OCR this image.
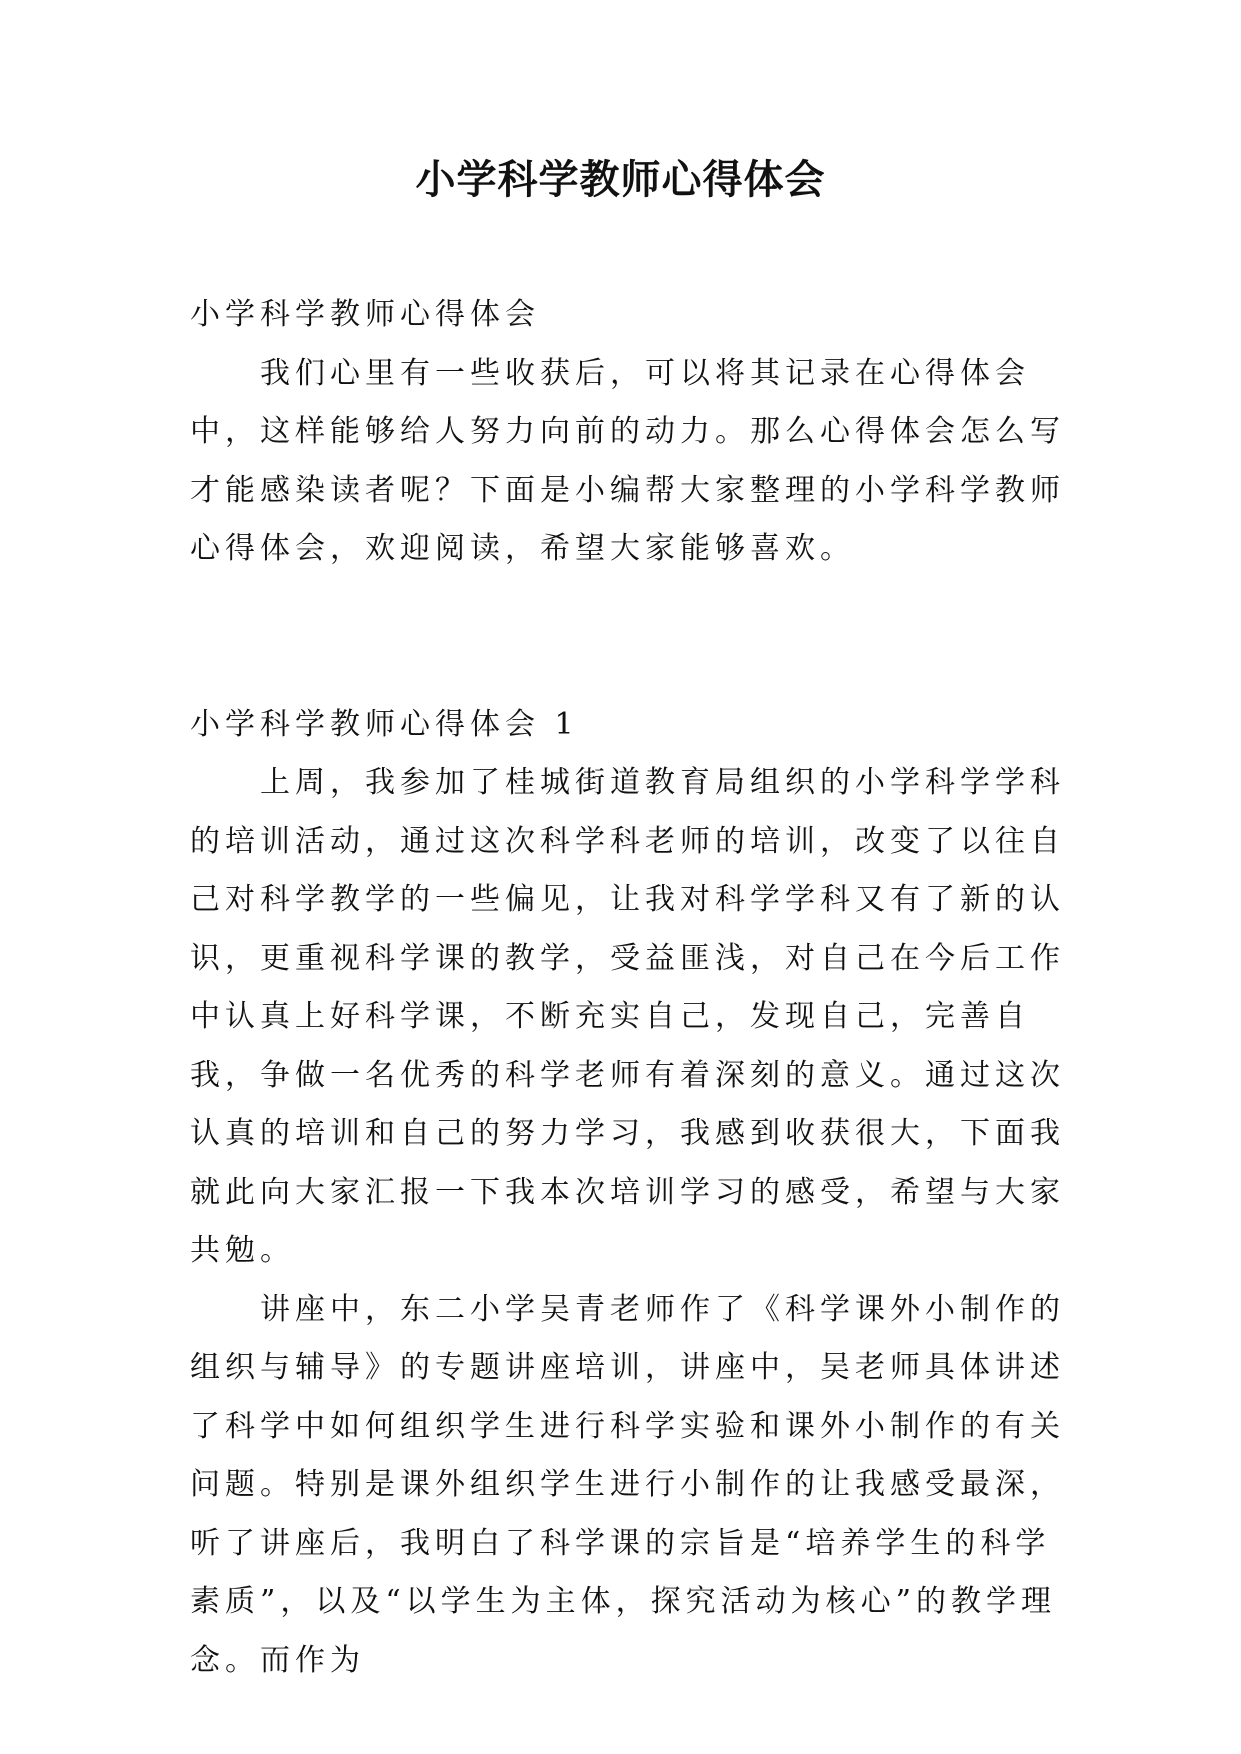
小学科学教师心得体会

小学科学教师心得体会

我们心里有一些收获后，可以将其记录在心得体会中，这样能够给人努力向前的动力。那么心得体会怎么写才能感染读者呢？下面是小编帮大家整理的小学科学教师心得体会，欢迎阅读，希望大家能够喜欢。

小学科学教师心得体会 1

上周，我参加了桂城街道教育局组织的小学科学学科的培训活动，通过这次科学科老师的培训，改变了以往自己对科学教学的一些偏见，让我对科学学科又有了新的认识，更重视科学课的教学，受益匪浅，对自己在今后工作中认真上好科学课，不断充实自己，发现自己，完善自我，争做一名优秀的科学老师有着深刻的意义。通过这次认真的培训和自己的努力学习，我感到收获很大，下面我就此向大家汇报一下我本次培训学习的感受，希望与大家共勉。

讲座中，东二小学吴青老师作了《科学课外小制作的组织与辅导》的专题讲座培训，讲座中，吴老师具体讲述了科学中如何组织学生进行科学实验和课外小制作的有关问题。特别是课外组织学生进行小制作的让我感受最深，听了讲座后，我明白了科学课的宗旨是“培养学生的科学素质”，以及“以学生为主体，探究活动为核心”的教学理念。而作为
